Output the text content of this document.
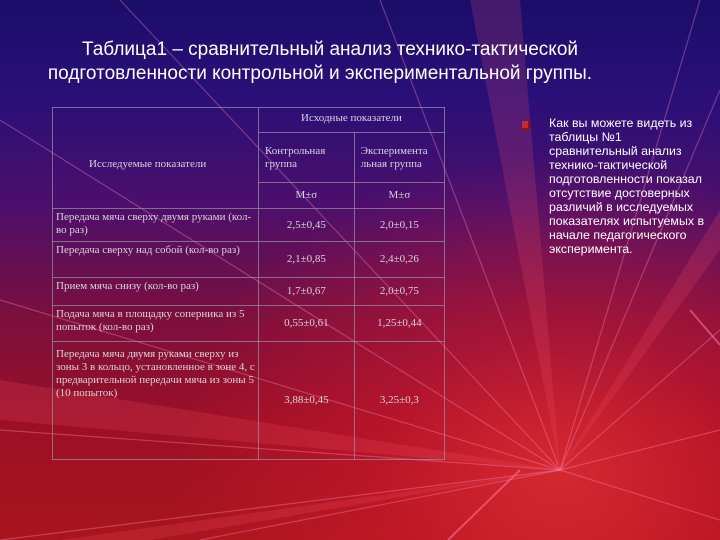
Таблица1 – сравнительный анализ технико-тактической
подготовленности контрольной и экспериментальной группы.
Исследуемые показатели	Исходные показатели	
	Контрольная группа	Эксперимента льная группа
	М±σ	М±σ
Передача мяча сверху двумя руками (кол-во раз)	2,5±0,45	2,0±0,15
Передача сверху над собой (кол-во раз)	2,1±0,85	2,4±0,26
Прием мяча снизу (кол-во раз)	1,7±0,67	2,0±0,75
Подача мяча в площадку соперника из 5 попыток (кол-во раз)	0,55±0,61	1,25±0,44
Передача мяча двумя руками сверху из зоны 3 в кольцо, установленное в зоне 4, с предварительной передачи мяча из зоны 5 (10 попыток)	3,88±0,45	3,25±0,3
Как вы можете видеть из таблицы №1 сравнительный анализ технико-тактической подготовленности показал отсутствие достоверных различий в исследуемых показателях испытуемых в начале педагогического эксперимента.
